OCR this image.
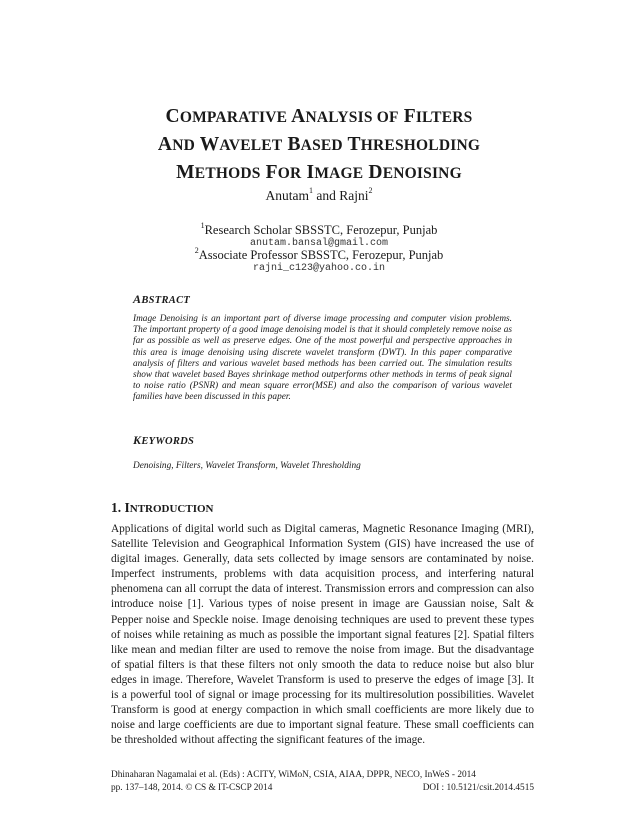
COMPARATIVE ANALYSIS OF FILTERS
AND WAVELET BASED THRESHOLDING
METHODS FOR IMAGE DENOISING
Anutam$^1$ and Rajni$^2$
$^1$Research Scholar SBSSTC, Ferozepur, Punjab
anutam.bansal@gmail.com
$^2$Associate Professor SBSSTC, Ferozepur, Punjab
rajni_c123@yahoo.co.in
ABSTRACT
Image Denoising is an important part of diverse image processing and computer vision problems. The important property of a good image denoising model is that it should completely remove noise as far as possible as well as preserve edges. One of the most powerful and perspective approaches in this area is image denoising using discrete wavelet transform (DWT). In this paper comparative analysis of filters and various wavelet based methods has been carried out. The simulation results show that wavelet based Bayes shrinkage method outperforms other methods in terms of peak signal to noise ratio (PSNR) and mean square error(MSE) and also the comparison of various wavelet families have been discussed in this paper.
KEYWORDS
Denoising, Filters, Wavelet Transform, Wavelet Thresholding
1. INTRODUCTION
Applications of digital world such as Digital cameras, Magnetic Resonance Imaging (MRI), Satellite Television and Geographical Information System (GIS) have increased the use of digital images. Generally, data sets collected by image sensors are contaminated by noise. Imperfect instruments, problems with data acquisition process, and interfering natural phenomena can all corrupt the data of interest. Transmission errors and compression can also introduce noise [1]. Various types of noise present in image are Gaussian noise, Salt & Pepper noise and Speckle noise. Image denoising techniques are used to prevent these types of noises while retaining as much as possible the important signal features [2]. Spatial filters like mean and median filter are used to remove the noise from image. But the disadvantage of spatial filters is that these filters not only smooth the data to reduce noise but also blur edges in image. Therefore, Wavelet Transform is used to preserve the edges of image [3]. It is a powerful tool of signal or image processing for its multiresolution possibilities. Wavelet Transform is good at energy compaction in which small coefficients are more likely due to noise and large coefficients are due to important signal feature. These small coefficients can be thresholded without affecting the significant features of the image.
Dhinaharan Nagamalai et al. (Eds) : ACITY, WiMoN, CSIA, AIAA, DPPR, NECO, InWeS - 2014
pp. 137–148, 2014. © CS & IT-CSCP 2014	DOI : 10.5121/csit.2014.4515
